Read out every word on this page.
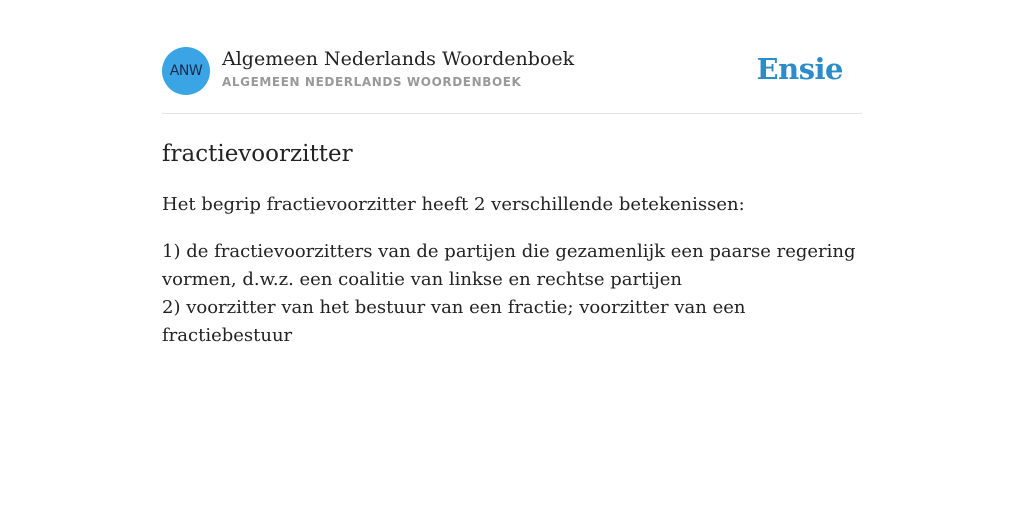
ANW
Algemeen Nederlands Woordenboek
ALGEMEEN NEDERLANDS WOORDENBOEK	Ensie
fractievoorzitter
Het begrip fractievoorzitter heeft 2 verschillende betekenissen:
1) de fractievoorzitters van de partijen die gezamenlijk een paarse regering vormen, d.w.z. een coalitie van linkse en rechtse partijen
2) voorzitter van het bestuur van een fractie; voorzitter van een fractiebestuur
